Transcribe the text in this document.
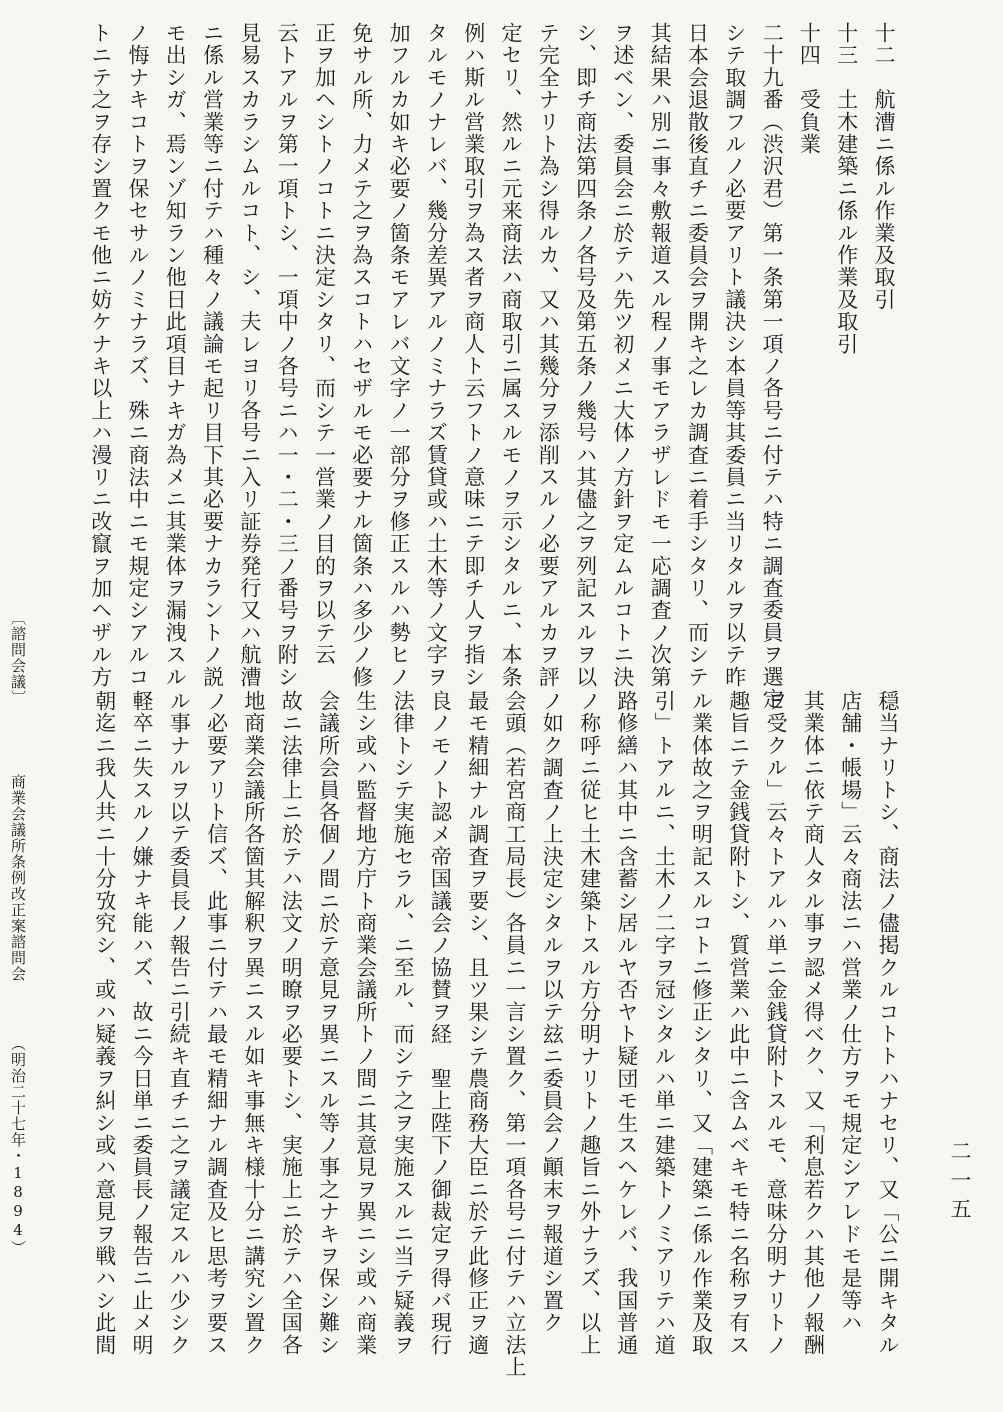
十二　航漕ニ係ル作業及取引
十三　土木建築ニ係ル作業及取引
十四　受負業
二十九番（渋沢君）第一条第一項ノ各号ニ付テハ特ニ調査委員ヲ選定
シテ取調フルノ必要アリト議決シ本員等其委員ニ当リタルヲ以テ昨
日本会退散後直チニ委員会ヲ開キ之レカ調査ニ着手シタリ、而シテ
其結果ハ別ニ事々敷報道スル程ノ事モアラザレドモ一応調査ノ次第
ヲ述ベン、委員会ニ於テハ先ツ初メニ大体ノ方針ヲ定ムルコトニ決
シ、即チ商法第四条ノ各号及第五条ノ幾号ハ其儘之ヲ列記スルヲ以
テ完全ナリト為シ得ルカ、又ハ其幾分ヲ添削スルノ必要アルカヲ評
定セリ、然ルニ元来商法ハ商取引ニ属スルモノヲ示シタルニ、本条
例ハ斯ル営業取引ヲ為ス者ヲ商人ト云フトノ意味ニテ即チ人ヲ指シ
タルモノナレバ、幾分差異アルノミナラズ賃貸或ハ土木等ノ文字ヲ
加フルカ如キ必要ノ箇条モアレバ文字ノ一部分ヲ修正スルハ勢ヒノ
免サル所、力メテ之ヲ為スコトハセザルモ必要ナル箇条ハ多少ノ修
正ヲ加ヘシトノコトニ決定シタリ、而シテ一営業ノ目的ヲ以テ云
云トアルヲ第一項トシ、一項中ノ各号ニハ一・二・三ノ番号ヲ附シ
見易スカラシムルコト、シ、夫レヨリ各号ニ入リ証券発行又ハ航漕
ニ係ル営業等ニ付テハ種々ノ議論モ起リ目下其必要ナカラントノ説
モ出シガ、焉ンゾ知ラン他日此項目ナキガ為メニ其業体ヲ漏洩スル
ノ悔ナキコトヲ保セサルノミナラズ、殊ニ商法中ニモ規定シアルコ
トニテ之ヲ存シ置クモ他ニ妨ケナキ以上ハ漫リニ改竄ヲ加ヘザル方
穏当ナリトシ、商法ノ儘掲クルコトトハナセリ、又「公ニ開キタル
店舗・帳場」云々商法ニハ営業ノ仕方ヲモ規定シアレドモ是等ハ
其業体ニ依テ商人タル事ヲ認メ得ベク、又「利息若クハ其他ノ報酬
ヲ受クル」云々トアルハ単ニ金銭貸附トスルモ、意味分明ナリトノ
趣旨ニテ金銭貸附トシ、質営業ハ此中ニ含ムベキモ特ニ名称ヲ有ス
ル業体故之ヲ明記スルコトニ修正シタリ、又「建築ニ係ル作業及取
引」トアルニ、土木ノ二字ヲ冠シタルハ単ニ建築トノミアリテハ道
路修繕ハ其中ニ含蓄シ居ルヤ否ヤト疑団モ生スヘケレバ、我国普通
ノ称呼ニ従ヒ土木建築トスル方分明ナリトノ趣旨ニ外ナラズ、以上
ノ如ク調査ノ上決定シタルヲ以テ玆ニ委員会ノ顚末ヲ報道シ置ク
会頭（若宮商工局長）各員ニ一言シ置ク、第一項各号ニ付テハ立法上
最モ精細ナル調査ヲ要シ、且ツ果シテ農商務大臣ニ於テ此修正ヲ適
良ノモノト認メ帝国議会ノ協賛ヲ経　聖上陛下ノ御裁定ヲ得バ現行
法律トシテ実施セラル、ニ至ル、而シテ之ヲ実施スルニ当テ疑義ヲ
生シ或ハ監督地方庁ト商業会議所トノ間ニ其意見ヲ異ニシ或ハ商業
会議所会員各個ノ間ニ於テ意見ヲ異ニスル等ノ事之ナキヲ保シ難シ
故ニ法律上ニ於テハ法文ノ明瞭ヲ必要トシ、実施上ニ於テハ全国各
地商業会議所各箇其解釈ヲ異ニスル如キ事無キ様十分ニ講究シ置ク
ノ必要アリト信ズ、此事ニ付テハ最モ精細ナル調査及ヒ思考ヲ要ス
ル事ナルヲ以テ委員長ノ報告ニ引続キ直チニ之ヲ議定スルハ少シク
軽卒ニ失スルノ嫌ナキ能ハズ、故ニ今日単ニ委員長ノ報告ニ止メ明
朝迄ニ我人共ニ十分攷究シ、或ハ疑義ヲ糾シ或ハ意見ヲ戦ハシ此間
〔諮問会議〕  商業会議所条例改正案諮問会  （明治二十七年・1894）	二一五
